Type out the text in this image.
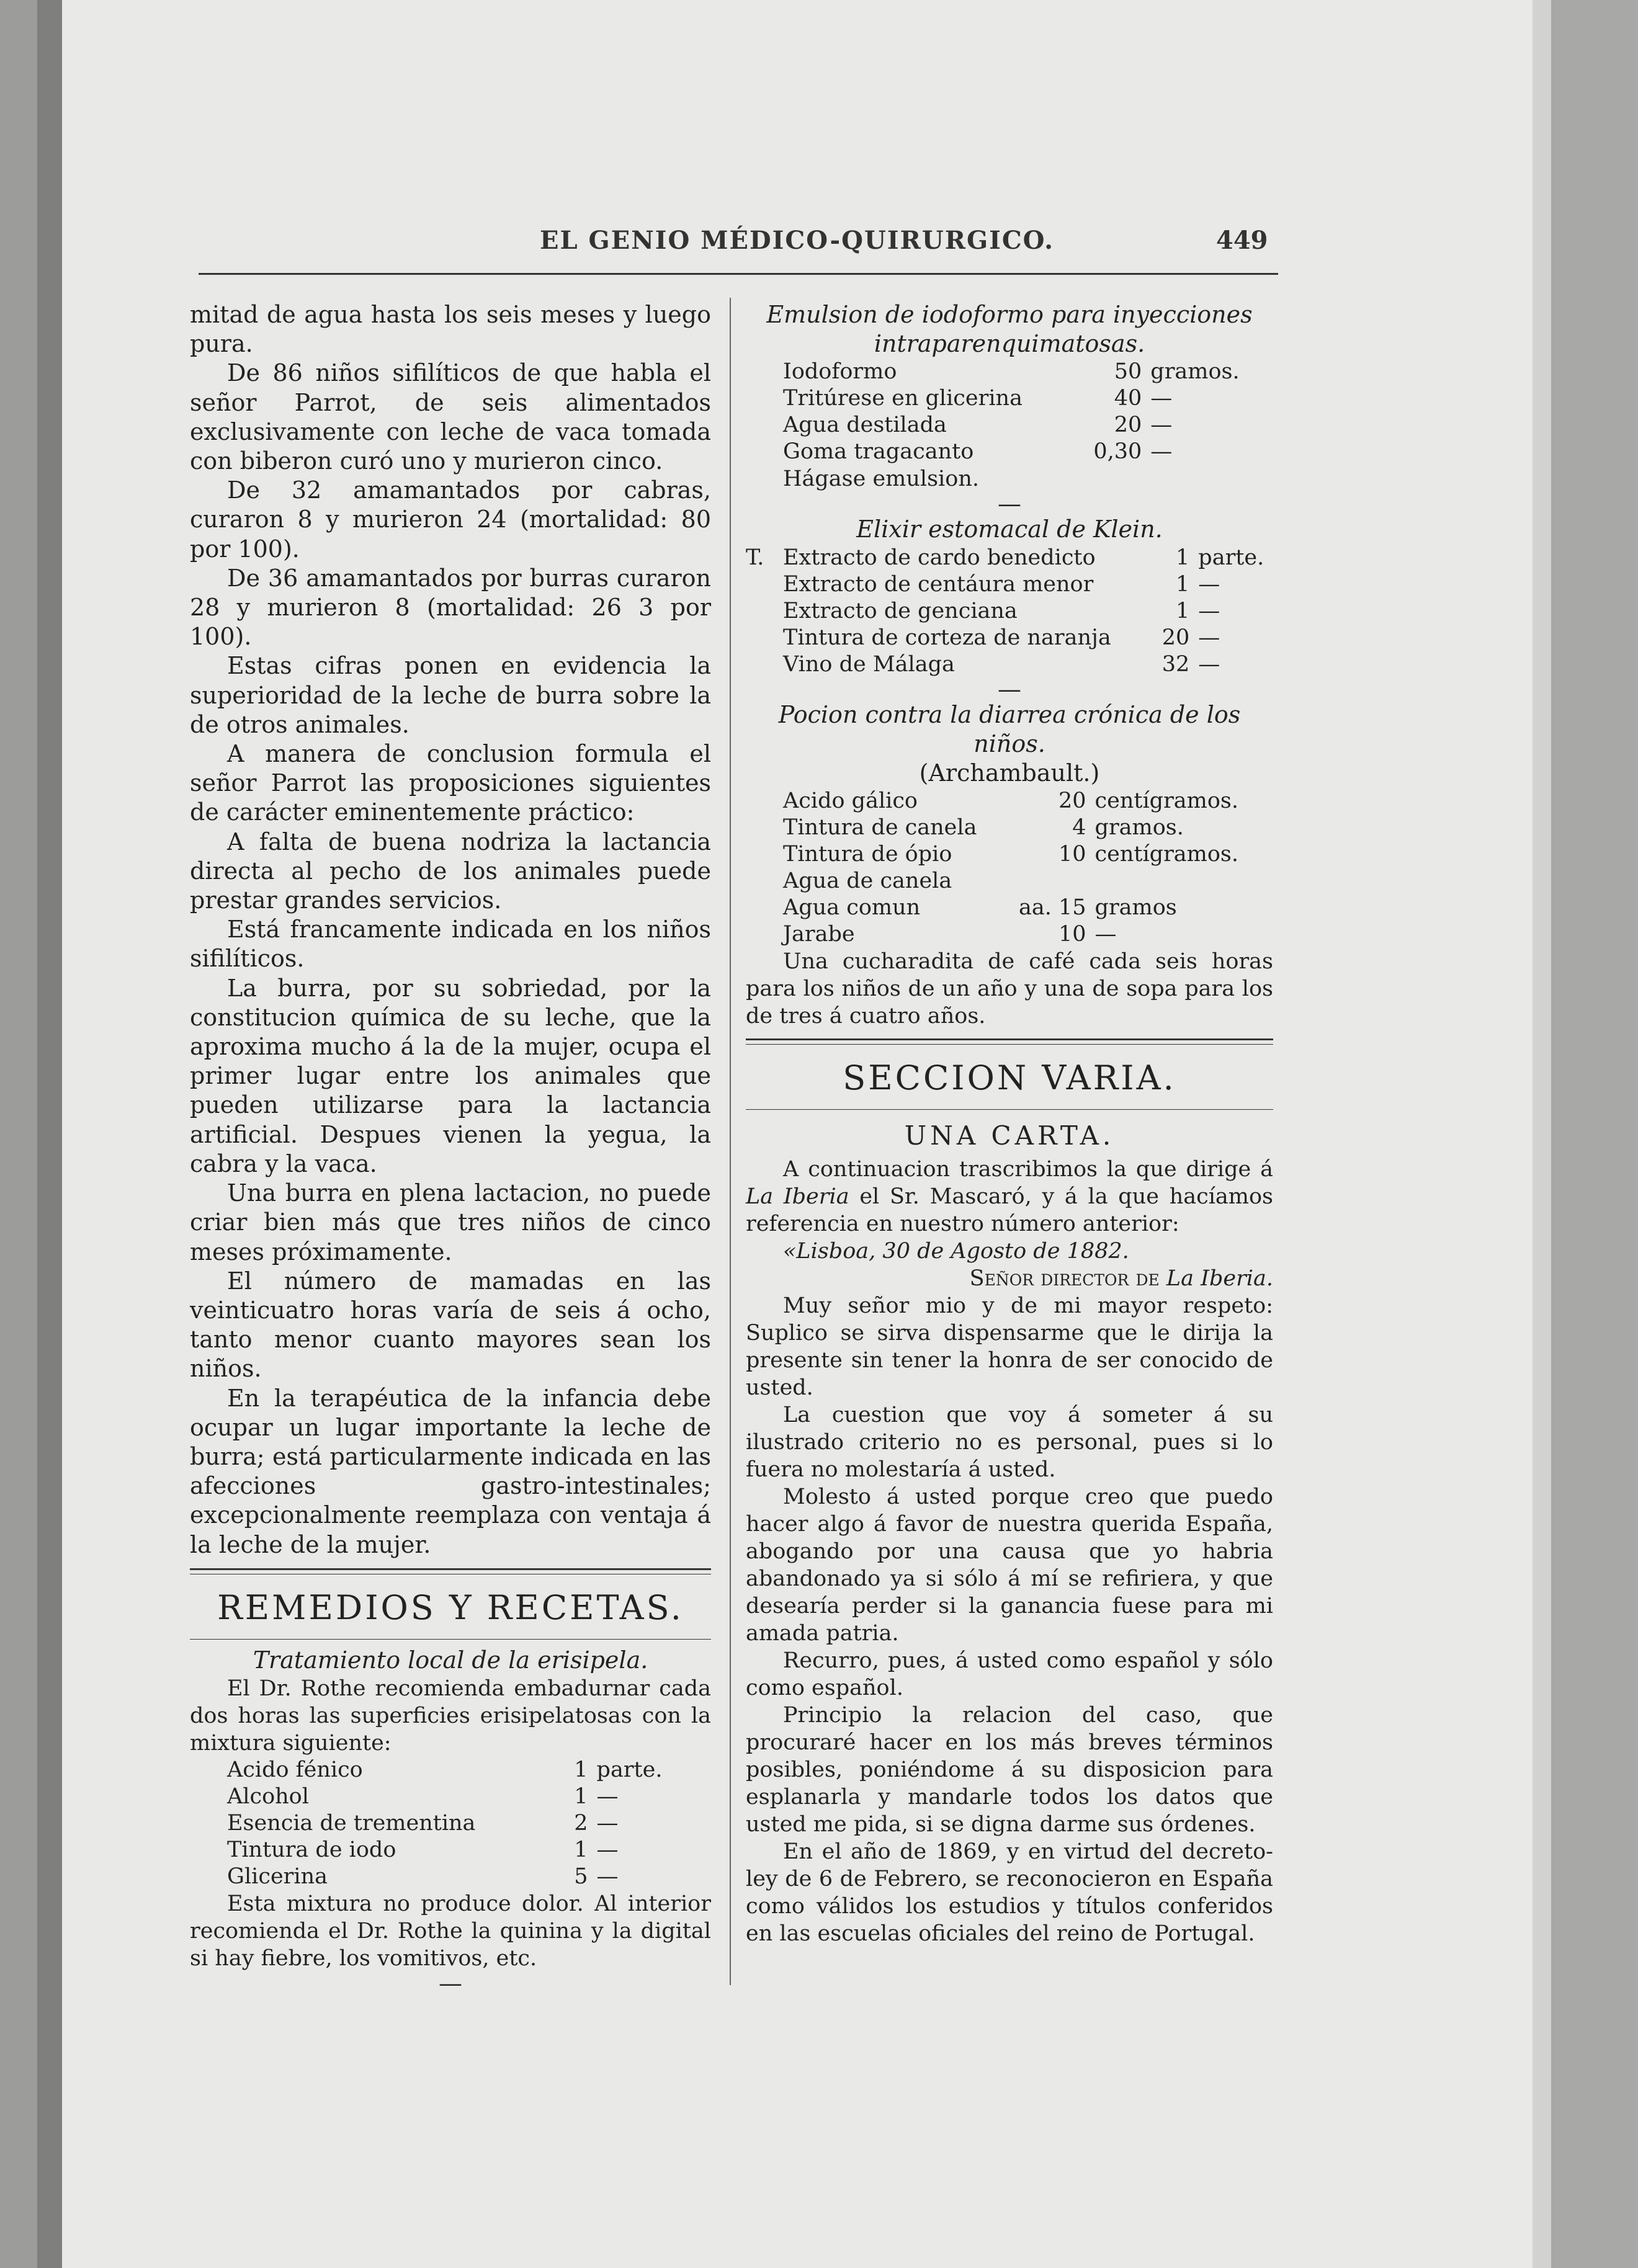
EL GENIO MÉDICO-QUIRURGICO.	449

mitad de agua hasta los seis meses y luego pura.

De 86 niños sifilíticos de que habla el señor Parrot, de seis alimentados exclusivamente con leche de vaca tomada con biberon curó uno y murieron cinco.

De 32 amamantados por cabras, curaron 8 y murieron 24 (mortalidad: 80 por 100).

De 36 amamantados por burras curaron 28 y murieron 8 (mortalidad: 26 3 por 100).

Estas cifras ponen en evidencia la superioridad de la leche de burra sobre la de otros animales.

A manera de conclusion formula el señor Parrot las proposiciones siguientes de carácter eminentemente práctico:

A falta de buena nodriza la lactancia directa al pecho de los animales puede prestar grandes servicios.

Está francamente indicada en los niños sifilíticos.

La burra, por su sobriedad, por la constitucion química de su leche, que la aproxima mucho á la de la mujer, ocupa el primer lugar entre los animales que pueden utilizarse para la lactancia artificial. Despues vienen la yegua, la cabra y la vaca.

Una burra en plena lactacion, no puede criar bien más que tres niños de cinco meses próximamente.

El número de mamadas en las veinticuatro horas varía de seis á ocho, tanto menor cuanto mayores sean los niños.

En la terapéutica de la infancia debe ocupar un lugar importante la leche de burra; está particularmente indicada en las afecciones gastro-intestinales; excepcionalmente reemplaza con ventaja á la leche de la mujer.

REMEDIOS Y RECETAS.

Tratamiento local de la erisipela.

El Dr. Rothe recomienda embadurnar cada dos horas las superficies erisipelatosas con la mixtura siguiente:

Acido fénico	1	parte.
Alcohol	1	—
Esencia de trementina	2	—
Tintura de iodo	1	—
Glicerina	5	—

Esta mixtura no produce dolor. Al interior recomienda el Dr. Rothe la quinina y la digital si hay fiebre, los vomitivos, etc.

—

Emulsion de iodoformo para inyecciones intraparenquimatosas.

Iodoformo	50	gramos.
Tritúrese en glicerina	40	—
Agua destilada	20	—
Goma tragacanto	0,30	—

Hágase emulsion.

—

Elixir estomacal de Klein.

T.	Extracto de cardo benedicto	1	parte.
	Extracto de centáura menor	1	—
	Extracto de genciana	1	—
	Tintura de corteza de naranja	20	—
	Vino de Málaga	32	—
—

Pocion contra la diarrea crónica de los niños.

(Archambault.)

Acido gálico	20	centígramos.
Tintura de canela	4	gramos.
Tintura de ópio	10	centígramos.
Agua de canela		
Agua comun	aa. 15	gramos
Jarabe	10	—

Una cucharadita de café cada seis horas para los niños de un año y una de sopa para los de tres á cuatro años.

SECCION VARIA.
UNA CARTA.

A continuacion trascribimos la que dirige á La Iberia el Sr. Mascaró, y á la que hacíamos referencia en nuestro número anterior:

«Lisboa, 30 de Agosto de 1882.

Señor director de La Iberia.

Muy señor mio y de mi mayor respeto: Suplico se sirva dispensarme que le dirija la presente sin tener la honra de ser conocido de usted.

La cuestion que voy á someter á su ilustrado criterio no es personal, pues si lo fuera no molestaría á usted.

Molesto á usted porque creo que puedo hacer algo á favor de nuestra querida España, abogando por una causa que yo habria abandonado ya si sólo á mí se refiriera, y que desearía perder si la ganancia fuese para mi amada patria.

Recurro, pues, á usted como español y sólo como español.

Principio la relacion del caso, que procuraré hacer en los más breves términos posibles, poniéndome á su disposicion para esplanarla y mandarle todos los datos que usted me pida, si se digna darme sus órdenes.

En el año de 1869, y en virtud del decreto-ley de 6 de Febrero, se reconocieron en España como válidos los estudios y títulos conferidos en las escuelas oficiales del reino de Portugal.
